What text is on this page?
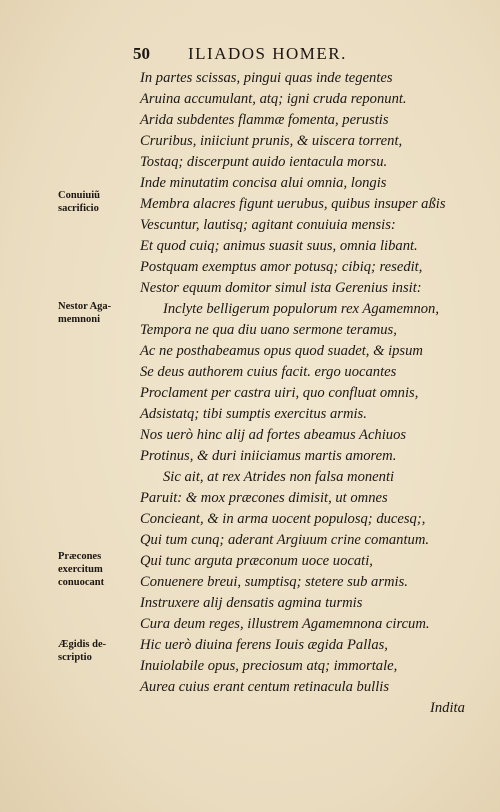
50 ILIADOS HOMER.
Conuiuiũ
sacrificio
Nestor Aga-
memnoni
Præcones
exercitum
conuocant
Ægidis de-
scriptio
In partes scissas, pingui quas inde tegentes
Aruina accumulant, atq; igni cruda reponunt.
Arida subdentes flammæ fomenta, perustis
Cruribus, iniiciunt prunis, & uiscera torrent,
Tostaq; discerpunt auido ientacula morsu.
Inde minutatim concisa alui omnia, longis
Membra alacres figunt uerubus, quibus insuper aßis
Vescuntur, lautisq; agitant conuiuia mensis:
Et quod cuiq; animus suasit suus, omnia libant.
Postquam exemptus amor potusq; cibiq; resedit,
Nestor equum domitor simul ista Gerenius insit:
Inclyte belligerum populorum rex Agamemnon,
Tempora ne qua diu uano sermone teramus,
Ac ne posthabeamus opus quod suadet, & ipsum
Se deus authorem cuius facit. ergo uocantes
Proclament per castra uiri, quo confluat omnis,
Adsistatq; tibi sumptis exercitus armis.
Nos uerò hinc alij ad fortes abeamus Achiuos
Protinus, & duri iniiciamus martis amorem.
Sic ait, at rex Atrides non falsa monenti
Paruit: & mox præcones dimisit, ut omnes
Concieant, & in arma uocent populosq; ducesq;,
Qui tum cunq; aderant Argiuum crine comantum.
Qui tunc arguta præconum uoce uocati,
Conuenere breui, sumptisq; stetere sub armis.
Instruxere alij densatis agmina turmis
Cura deum reges, illustrem Agamemnona circum.
Hic uerò diuina ferens Iouis ægida Pallas,
Inuiolabile opus, preciosum atq; immortale,
Aurea cuius erant centum retinacula bullis
Indita
